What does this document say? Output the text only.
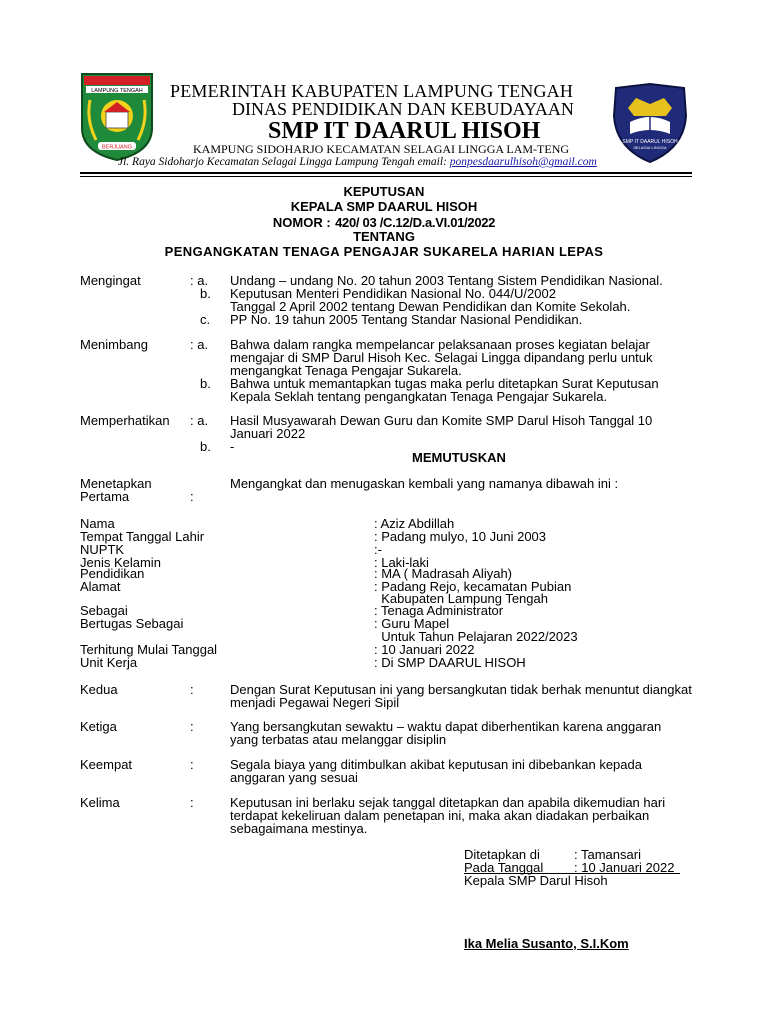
LAMPUNG TENGAH
BERJUANG
SMP IT DAARUL HISOH
SELAGAI LINGGA
PEMERINTAH KABUPATEN LAMPUNG TENGAH
DINAS PENDIDIKAN DAN KEBUDAYAAN
SMP IT DAARUL HISOH
KAMPUNG SIDOHARJO KECAMATAN SELAGAI LINGGA LAM-TENG
Jl. Raya Sidoharjo Kecamatan Selagai Lingga Lampung Tengah email: ponpesdaarulhisoh@gmail.com
KEPUTUSAN
KEPALA SMP DAARUL HISOH
NOMOR : 420/ 03 /C.12/D.a.VI.01/2022
TENTANG
PENGANGKATAN TENAGA PENGAJAR SUKARELA HARIAN LEPAS
Mengingat	: a. Undang – undang No. 20 tahun 2003 Tentang Sistem Pendidikan Nasional.
b. Keputusan Menteri Pendidikan Nasional No. 044/U/2002
Tanggal 2 April 2002 tentang Dewan Pendidikan dan Komite Sekolah.
c. PP No. 19 tahun 2005 Tentang Standar Nasional Pendidikan.
Menimbang	: a. Bahwa dalam rangka mempelancar pelaksanaan proses kegiatan belajar
mengajar di SMP Darul Hisoh Kec. Selagai Lingga dipandang perlu untuk
mengangkat Tenaga Pengajar Sukarela.
b. Bahwa untuk memantapkan tugas maka perlu ditetapkan Surat Keputusan
Kepala Seklah tentang pengangkatan Tenaga Pengajar Sukarela.
Memperhatikan : a. Hasil Musyawarah Dewan Guru dan Komite SMP Darul Hisoh Tanggal 10
Januari 2022
b. -
MEMUTUSKAN
Menetapkan
Pertama	:
Mengangkat dan menugaskan kembali yang namanya dibawah ini :
Nama	: Aziz Abdillah
Tempat Tanggal Lahir	: Padang mulyo, 10 Juni 2003
NUPTK	:-
Jenis Kelamin	: Laki-laki
Pendidikan	: MA ( Madrasah Aliyah)
Alamat	: Padang Rejo, kecamatan Pubian
Kabupaten Lampung Tengah
Sebagai	: Tenaga Administrator
Bertugas Sebagai	: Guru Mapel
Untuk Tahun Pelajaran 2022/2023
Terhitung Mulai Tanggal	: 10 Januari 2022
Unit Kerja	: Di SMP DAARUL HISOH
Kedua	:	Dengan Surat Keputusan ini yang bersangkutan tidak berhak menuntut diangkat
menjadi Pegawai Negeri Sipil
Ketiga	:	Yang bersangkutan sewaktu – waktu dapat diberhentikan karena anggaran
yang terbatas atau melanggar disiplin
Keempat	:	Segala biaya yang ditimbulkan akibat keputusan ini dibebankan kepada
anggaran yang sesuai
Kelima	:	Keputusan ini berlaku sejak tanggal ditetapkan dan apabila dikemudian hari
terdapat kekeliruan dalam penetapan ini, maka akan diadakan perbaikan
sebagaimana mestinya.
Ditetapkan di	: Tamansari
Pada Tanggal : 10 Januari 2022
Kepala SMP Darul Hisoh
Ika Melia Susanto, S.I.Kom
